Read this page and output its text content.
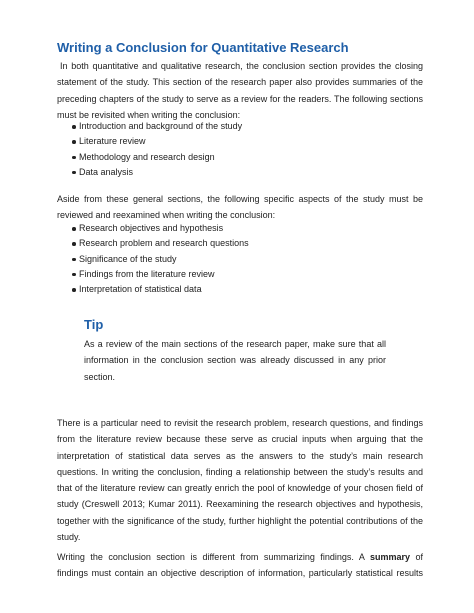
Writing a Conclusion for Quantitative Research

In both quantitative and qualitative research, the conclusion section provides the closing statement of the study. This section of the research paper also provides summaries of the preceding chapters of the study to serve as a review for the readers. The following sections must be revisited when writing the conclusion:

Introduction and background of the study
Literature review
Methodology and research design
Data analysis

Aside from these general sections, the following specific aspects of the study must be reviewed and reexamined when writing the conclusion:

Research objectives and hypothesis
Research problem and research questions
Significance of the study
Findings from the literature review
Interpretation of statistical data
Tip

As a review of the main sections of the research paper, make sure that all information in the conclusion section was already discussed in any prior section.

There is a particular need to revisit the research problem, research questions, and findings from the literature review because these serve as crucial inputs when arguing that the interpretation of statistical data serves as the answers to the study’s main research questions. In writing the conclusion, finding a relationship between the study’s results and that of the literature review can greatly enrich the pool of knowledge of your chosen field of study (Creswell 2013; Kumar 2011). Reexamining the research objectives and hypothesis, together with the significance of the study, further highlight the potential contributions of the study.

Writing the conclusion section is different from summarizing findings. A summary of findings must contain an objective description of information, particularly statistical results
